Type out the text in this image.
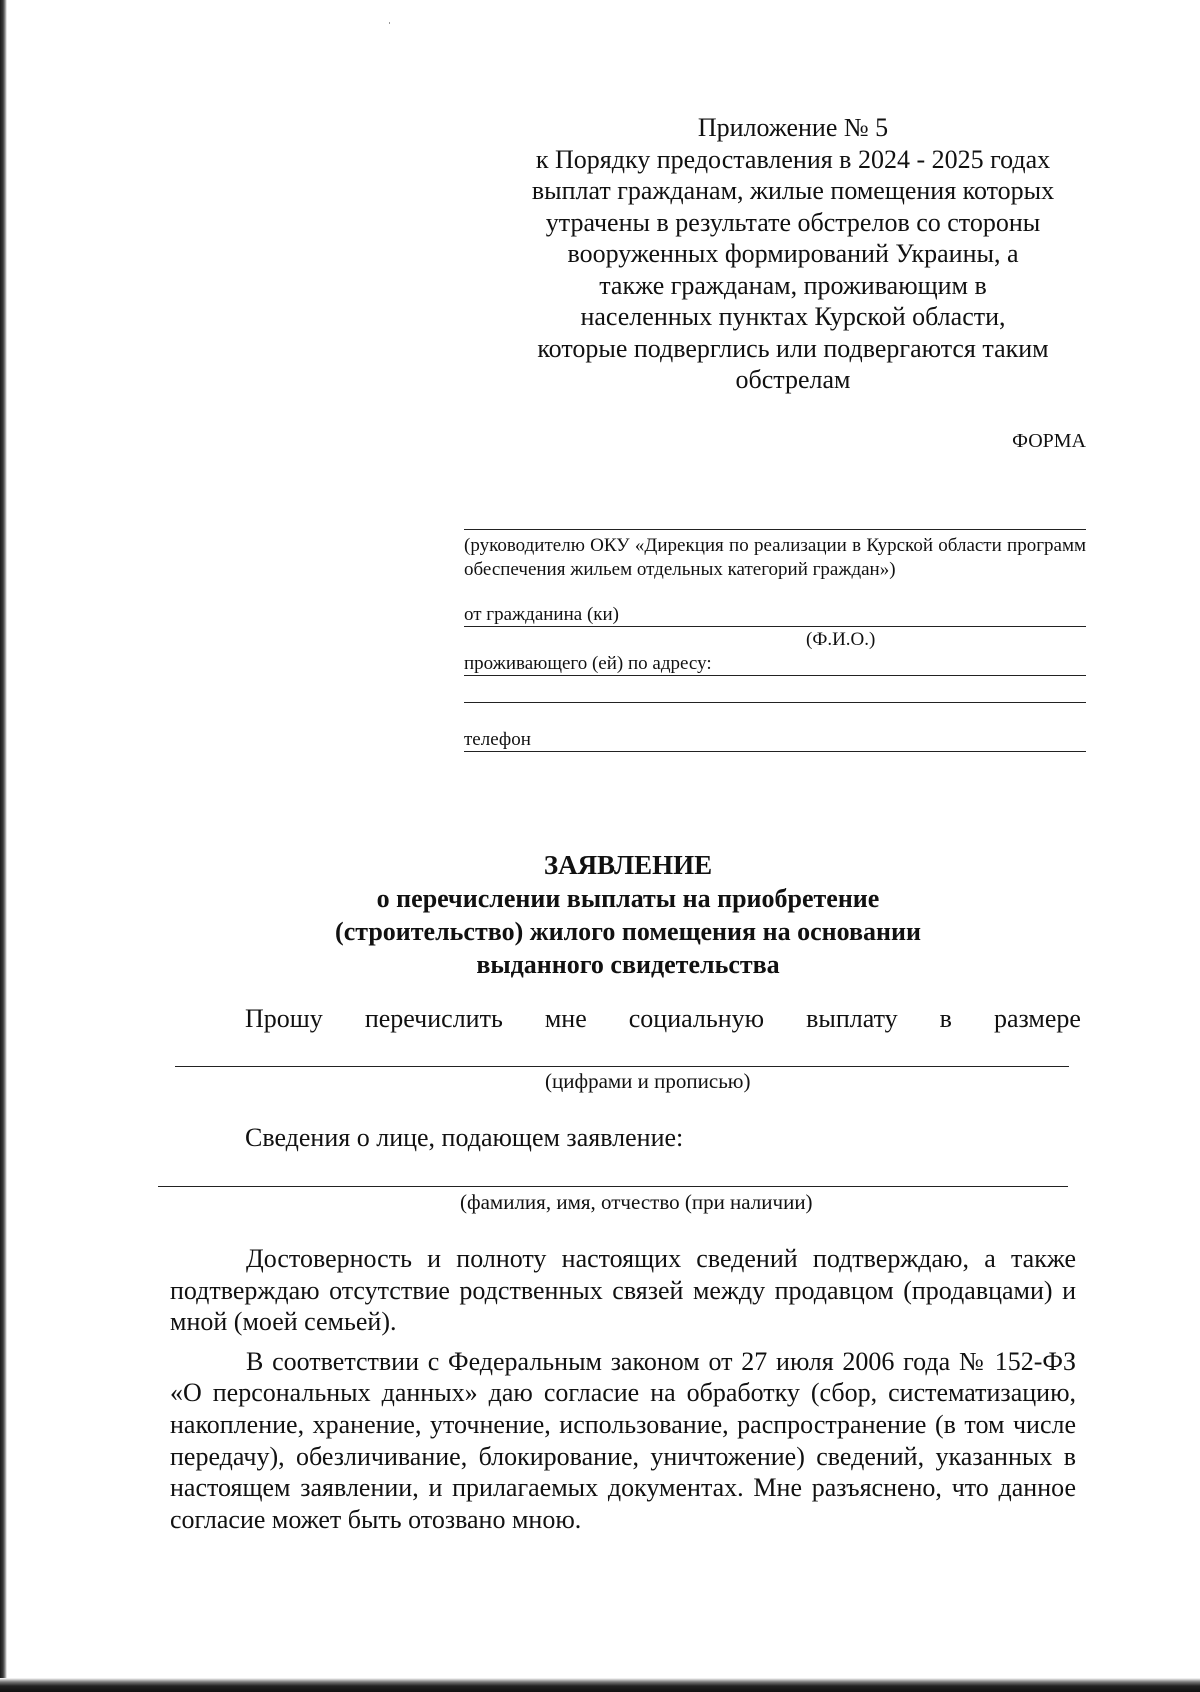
Приложение № 5
к Порядку предоставления в 2024 - 2025 годах
выплат гражданам, жилые помещения которых
утрачены в результате обстрелов со стороны
вооруженных формирований Украины, а
также гражданам, проживающим в
населенных пунктах Курской области,
которые подверглись или подвергаются таким
обстрелам
ФОРМА
(руководителю ОКУ «Дирекция по реализации в Курской области программ обеспечения жильем отдельных категорий граждан»)
от гражданина (ки)
(Ф.И.О.)
проживающего (ей) по адресу:
телефон
ЗАЯВЛЕНИЕ
о перечислении выплаты на приобретение
(строительство) жилого помещения на основании
выданного свидетельства
Прошу перечислить мне социальную выплату в размере
(цифрами и прописью)
Сведения о лице, подающем заявление:
(фамилия, имя, отчество (при наличии)

Достоверность и полноту настоящих сведений подтверждаю, а также подтверждаю отсутствие родственных связей между продавцом (продавцами) и мной (моей семьей).

В соответствии с Федеральным законом от 27 июля 2006 года № 152-ФЗ «О персональных данных» даю согласие на обработку (сбор, систематизацию, накопление, хранение, уточнение, использование, распространение (в том числе передачу), обезличивание, блокирование, уничтожение) сведений, указанных в настоящем заявлении, и прилагаемых документах. Мне разъяснено, что данное согласие может быть отозвано мною.
